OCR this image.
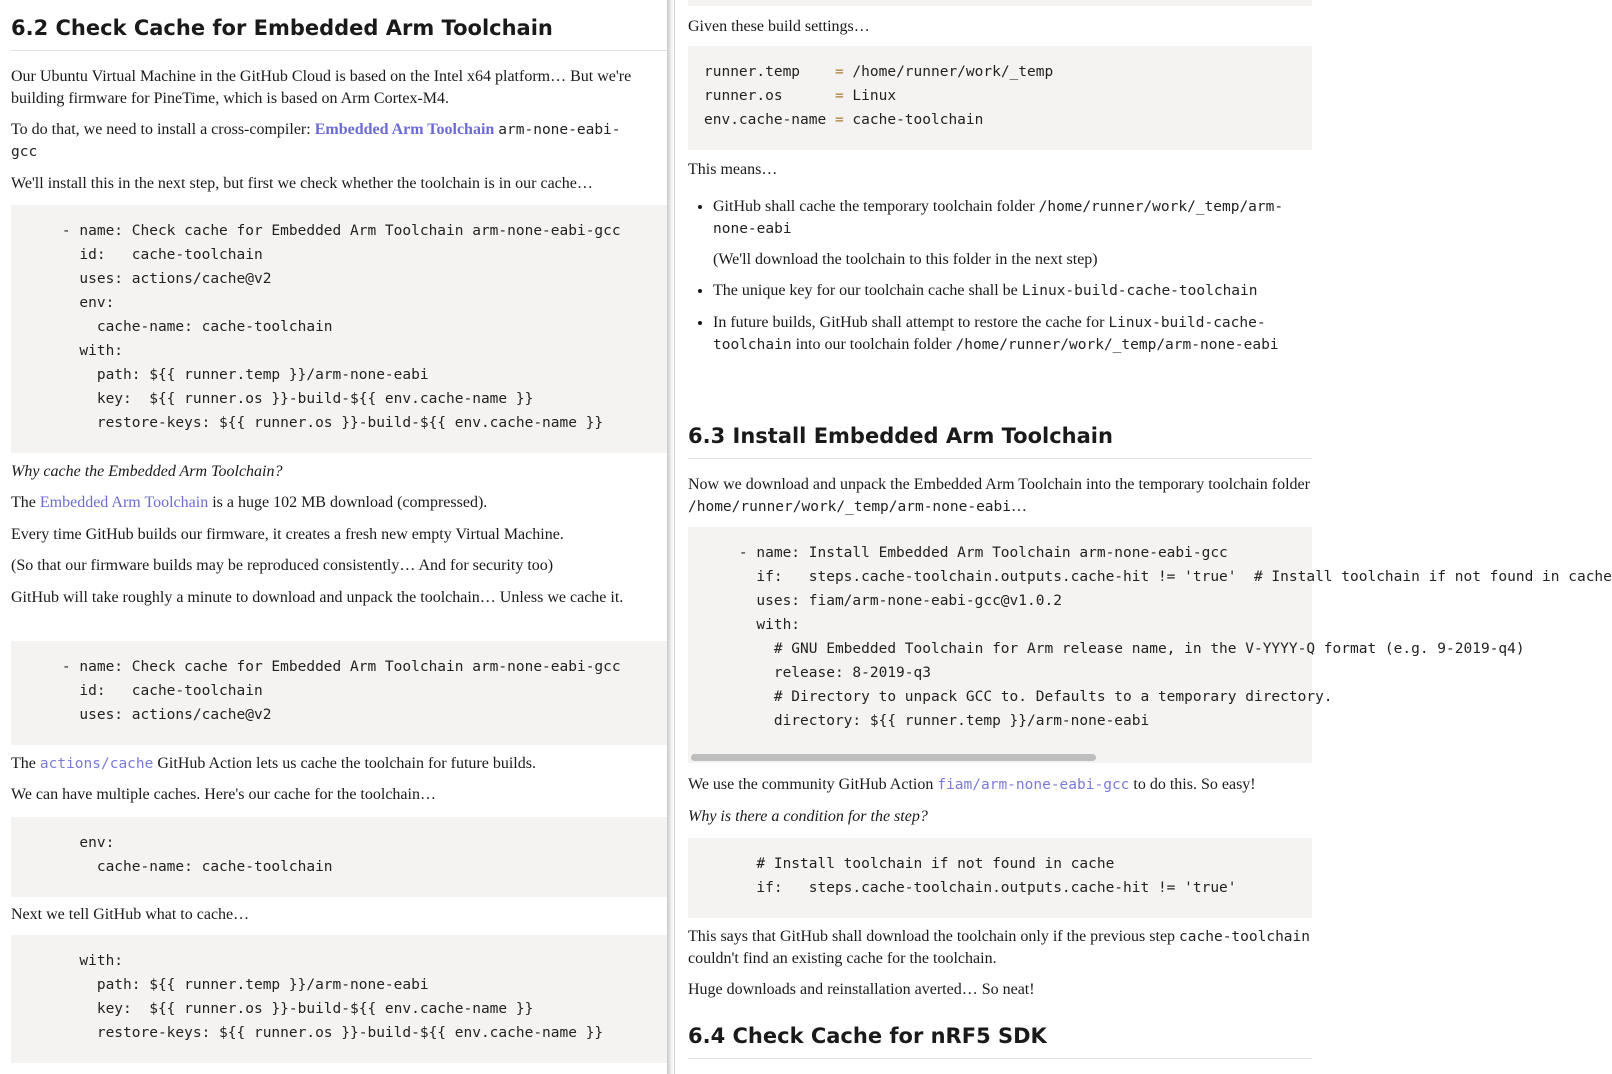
6.2 Check Cache for Embedded Arm Toolchain

Our Ubuntu Virtual Machine in the GitHub Cloud is based on the Intel x64 platform… But we're building firmware for PineTime, which is based on Arm Cortex-M4.

To do that, we need to install a cross-compiler: Embedded Arm Toolchain arm-none-eabi-gcc

We'll install this in the next step, but first we check whether the toolchain is in our cache…

- name: Check cache for Embedded Arm Toolchain arm-none-eabi-gcc
id:   cache-toolchain
uses: actions/cache@v2
env:
cache-name: cache-toolchain
with:
path: ${{ runner.temp }}/arm-none-eabi
key:  ${{ runner.os }}-build-${{ env.cache-name }}
restore-keys: ${{ runner.os }}-build-${{ env.cache-name }}

Why cache the Embedded Arm Toolchain?

The Embedded Arm Toolchain is a huge 102 MB download (compressed).

Every time GitHub builds our firmware, it creates a fresh new empty Virtual Machine.

(So that our firmware builds may be reproduced consistently… And for security too)

GitHub will take roughly a minute to download and unpack the toolchain… Unless we cache it.

- name: Check cache for Embedded Arm Toolchain arm-none-eabi-gcc
id:   cache-toolchain
uses: actions/cache@v2

The actions/cache GitHub Action lets us cache the toolchain for future builds.

We can have multiple caches. Here's our cache for the toolchain…

env:
cache-name: cache-toolchain

Next we tell GitHub what to cache…

with:
path: ${{ runner.temp }}/arm-none-eabi
key:  ${{ runner.os }}-build-${{ env.cache-name }}
restore-keys: ${{ runner.os }}-build-${{ env.cache-name }}

Given these build settings…

runner.temp    = /home/runner/work/_temp
runner.os      = Linux
env.cache-name = cache-toolchain

This means…

• GitHub shall cache the temporary toolchain folder /home/runner/work/_temp/arm-none-eabi

(We'll download the toolchain to this folder in the next step)

• The unique key for our toolchain cache shall be Linux-build-cache-toolchain
• In future builds, GitHub shall attempt to restore the cache for Linux-build-cache-toolchain into our toolchain folder /home/runner/work/_temp/arm-none-eabi
6.3 Install Embedded Arm Toolchain

Now we download and unpack the Embedded Arm Toolchain into the temporary toolchain folder /home/runner/work/_temp/arm-none-eabi…

- name: Install Embedded Arm Toolchain arm-none-eabi-gcc
if:   steps.cache-toolchain.outputs.cache-hit != 'true'  # Install toolchain if not found in cache
uses: fiam/arm-none-eabi-gcc@v1.0.2
with:
# GNU Embedded Toolchain for Arm release name, in the V-YYYY-Q format (e.g. 9-2019-q4)
release: 8-2019-q3
# Directory to unpack GCC to. Defaults to a temporary directory.
directory: ${{ runner.temp }}/arm-none-eabi

We use the community GitHub Action fiam/arm-none-eabi-gcc to do this. So easy!

Why is there a condition for the step?

# Install toolchain if not found in cache
if:   steps.cache-toolchain.outputs.cache-hit != 'true'

This says that GitHub shall download the toolchain only if the previous step cache-toolchain couldn't find an existing cache for the toolchain.

Huge downloads and reinstallation averted… So neat!

6.4 Check Cache for nRF5 SDK
